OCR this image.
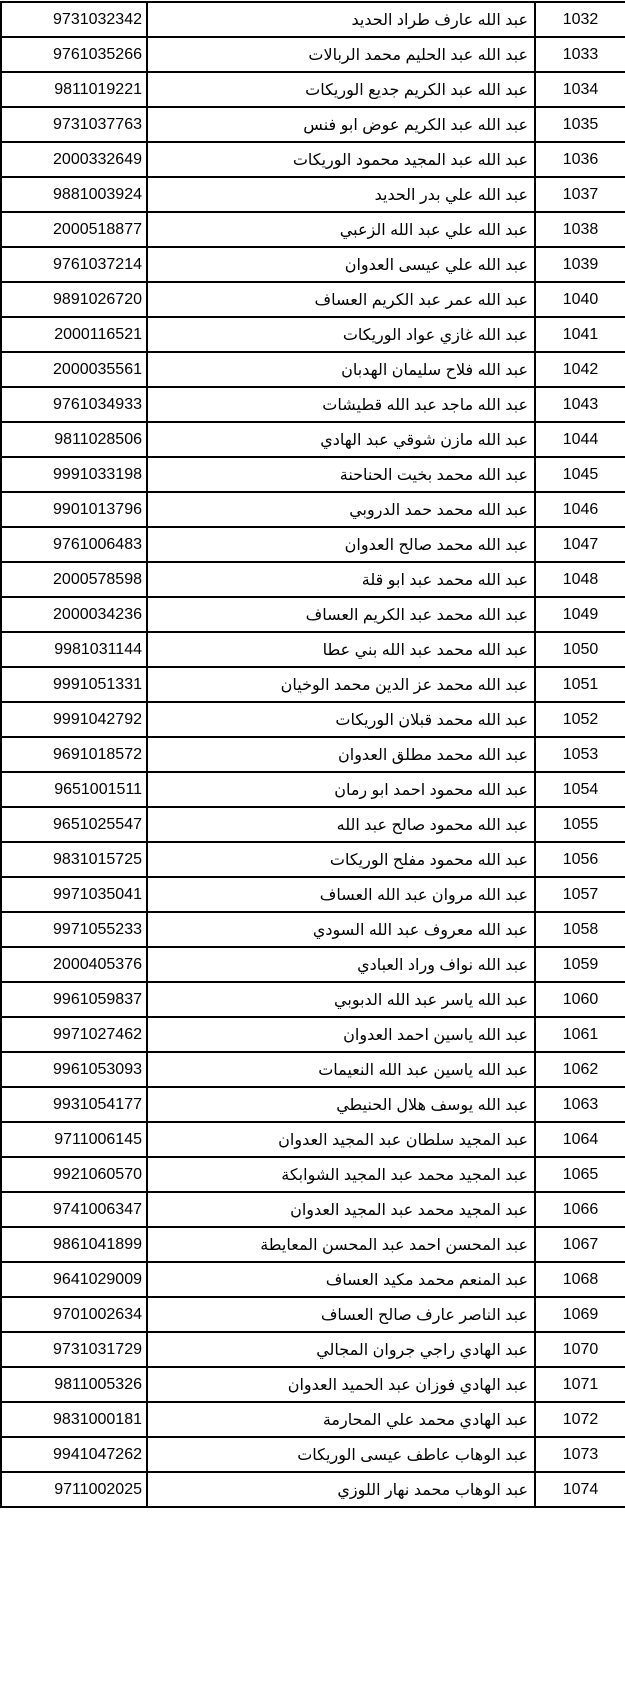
9731032342	عبد الله عارف طراد الحديد	1032
9761035266	عبد الله عبد الحليم محمد الربالات	1033
9811019221	عبد الله عبد الكريم جديع الوريكات	1034
9731037763	عبد الله عبد الكريم عوض ابو فنس	1035
2000332649	عبد الله عبد المجيد محمود الوريكات	1036
9881003924	عبد الله علي بدر الحديد	1037
2000518877	عبد الله علي عبد الله الزعبي	1038
9761037214	عبد الله علي عيسى العدوان	1039
9891026720	عبد الله عمر عبد الكريم العساف	1040
2000116521	عبد الله غازي عواد الوريكات	1041
2000035561	عبد الله فلاح سليمان الهدبان	1042
9761034933	عبد الله ماجد عبد الله قطيشات	1043
9811028506	عبد الله مازن شوقي عبد الهادي	1044
9991033198	عبد الله محمد بخيت الحناحنة	1045
9901013796	عبد الله محمد حمد الدروبي	1046
9761006483	عبد الله محمد صالح العدوان	1047
2000578598	عبد الله محمد عبد ابو قلة	1048
2000034236	عبد الله محمد عبد الكريم العساف	1049
9981031144	عبد الله محمد عبد الله بني عطا	1050
9991051331	عبد الله محمد عز الدين محمد الوخيان	1051
9991042792	عبد الله محمد قبلان الوريكات	1052
9691018572	عبد الله محمد مطلق العدوان	1053
9651001511	عبد الله محمود احمد ابو رمان	1054
9651025547	عبد الله محمود صالح عبد الله	1055
9831015725	عبد الله محمود مفلح الوريكات	1056
9971035041	عبد الله مروان عبد الله العساف	1057
9971055233	عبد الله معروف عبد الله السودي	1058
2000405376	عبد الله نواف وراد العبادي	1059
9961059837	عبد الله ياسر عبد الله الدبوبي	1060
9971027462	عبد الله ياسين احمد العدوان	1061
9961053093	عبد الله ياسين عبد الله النعيمات	1062
9931054177	عبد الله يوسف هلال الحنيطي	1063
9711006145	عبد المجيد سلطان عبد المجيد العدوان	1064
9921060570	عبد المجيد محمد عبد المجيد الشوابكة	1065
9741006347	عبد المجيد محمد عبد المجيد العدوان	1066
9861041899	عبد المحسن احمد عبد المحسن المعايطة	1067
9641029009	عبد المنعم محمد مكيد العساف	1068
9701002634	عبد الناصر عارف صالح العساف	1069
9731031729	عبد الهادي راجي جروان المجالي	1070
9811005326	عبد الهادي فوزان عبد الحميد العدوان	1071
9831000181	عبد الهادي محمد علي المحارمة	1072
9941047262	عبد الوهاب عاطف عيسى الوريكات	1073
9711002025	عبد الوهاب محمد نهار اللوزي	1074
